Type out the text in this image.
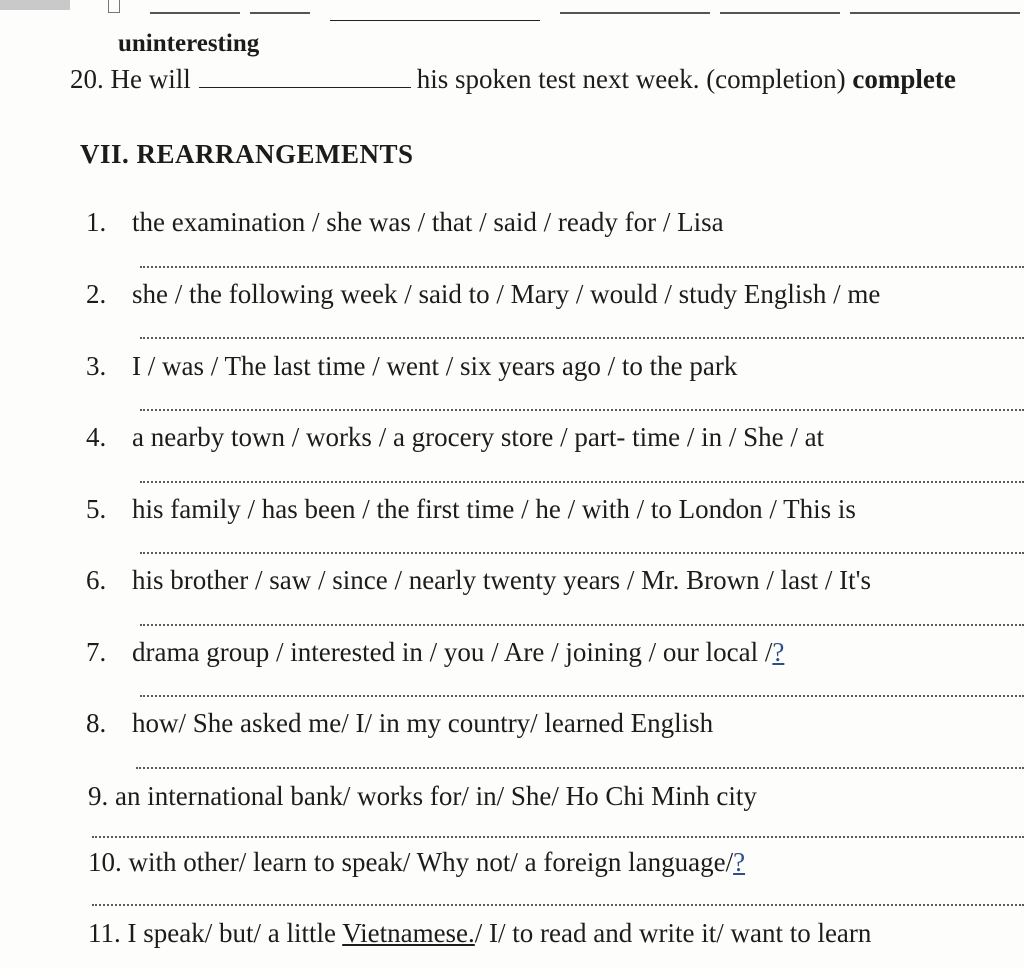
uninteresting
20. He will	his spoken test next week. (completion) complete
VII. REARRANGEMENTS
1. the examination / she was / that / said / ready for / Lisa
2. she / the following week / said to / Mary / would / study English / me
3. I / was / The last time / went / six years ago / to the park
4. a nearby town / works / a grocery store / part- time / in / She / at
5. his family / has been / the first time / he / with / to London / This is
6. his brother / saw / since / nearly twenty years / Mr. Brown / last / It's
7. drama group / interested in / you / Are / joining / our local /?
8. how/ She asked me/ I/ in my country/ learned English
9. an international bank/ works for/ in/ She/ Ho Chi Minh city
10. with other/ learn to speak/ Why not/ a foreign language/?
11. I speak/ but/ a little Vietnamese./ I/ to read and write it/ want to learn
